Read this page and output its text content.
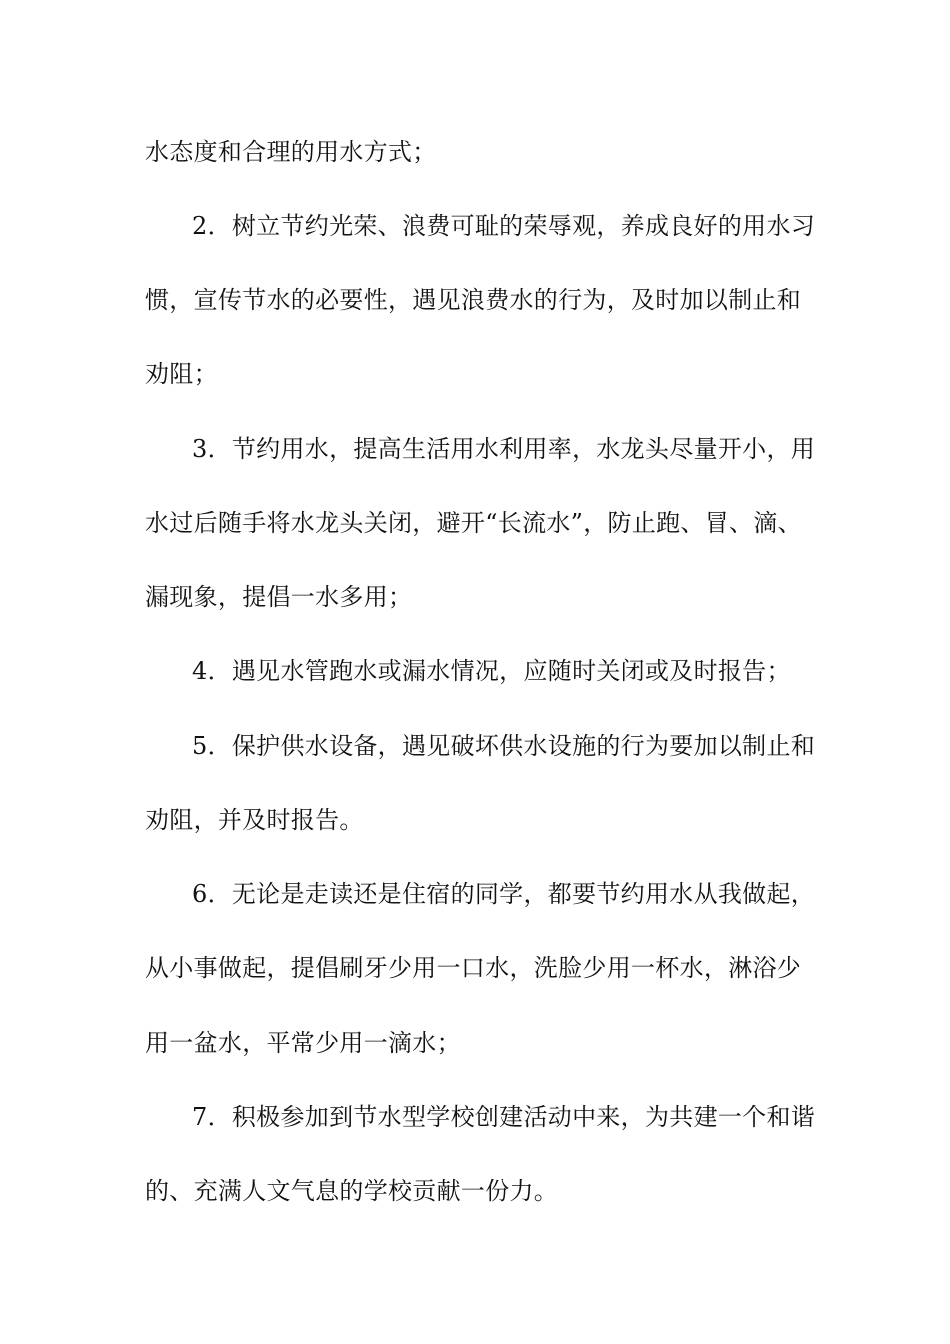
水态度和合理的用水方式；
2．树立节约光荣、浪费可耻的荣辱观，养成良好的用水习
惯，宣传节水的必要性，遇见浪费水的行为，及时加以制止和
劝阻；
3．节约用水，提高生活用水利用率，水龙头尽量开小，用
水过后随手将水龙头关闭，避开“长流水”，防止跑、冒、滴、
漏现象，提倡一水多用；
4．遇见水管跑水或漏水情况，应随时关闭或及时报告；
5．保护供水设备，遇见破坏供水设施的行为要加以制止和
劝阻，并及时报告。
6．无论是走读还是住宿的同学，都要节约用水从我做起，
从小事做起，提倡刷牙少用一口水，洗脸少用一杯水，淋浴少
用一盆水，平常少用一滴水；
7．积极参加到节水型学校创建活动中来，为共建一个和谐
的、充满人文气息的学校贡献一份力。
